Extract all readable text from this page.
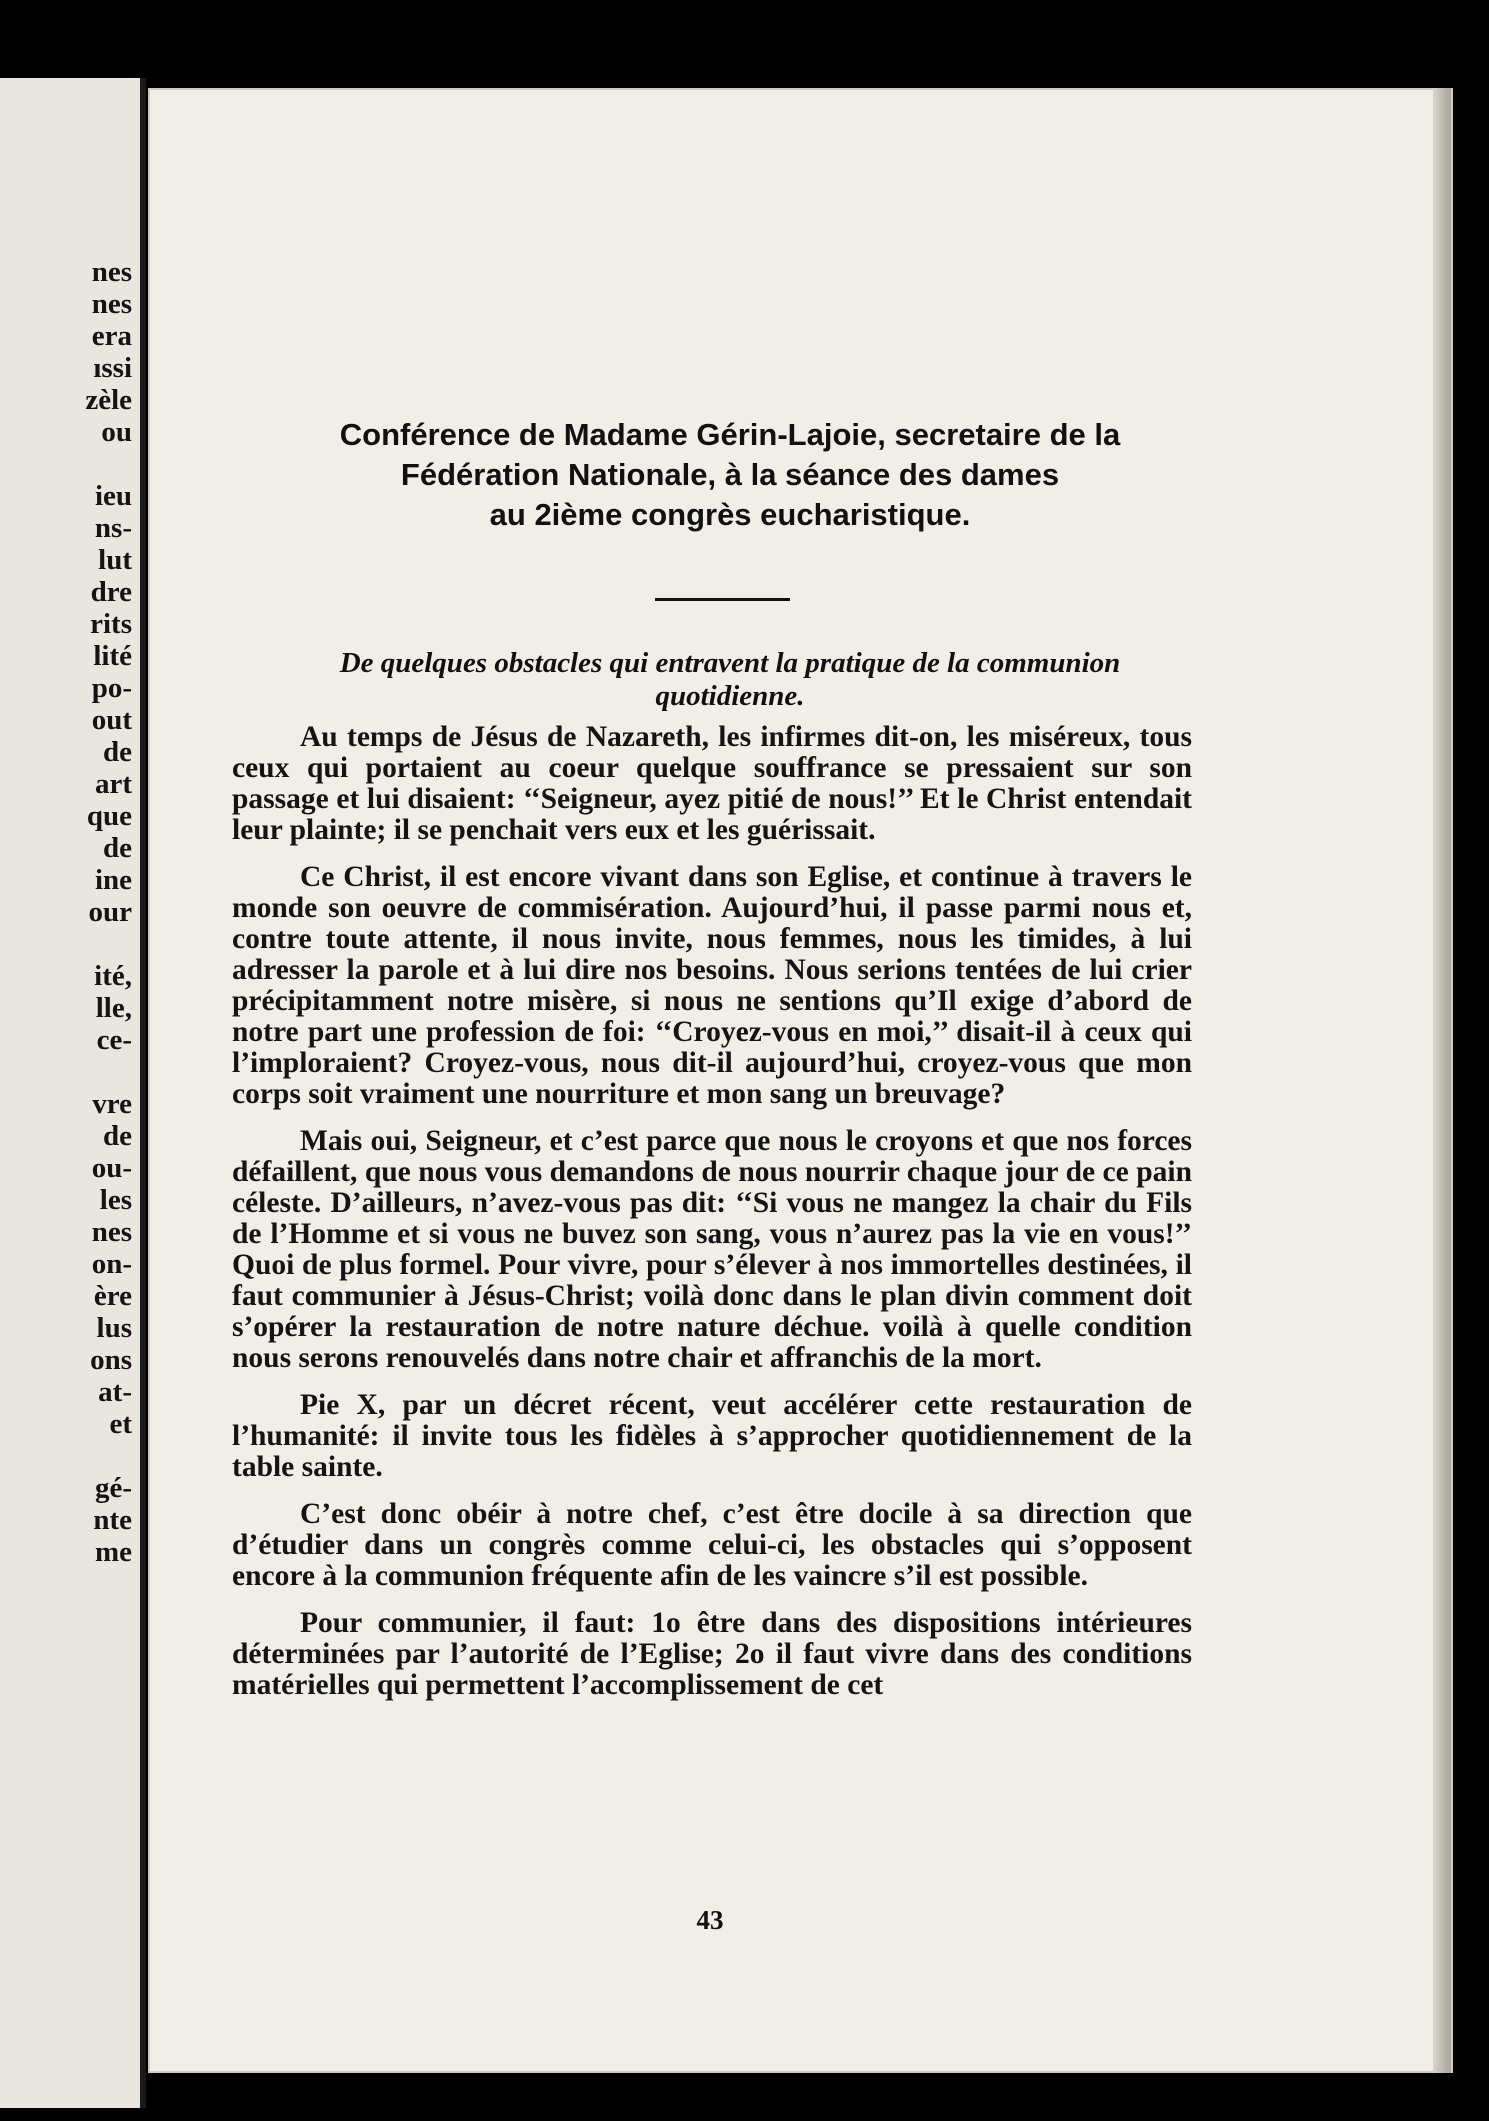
nes
nes
era
ıssi
zèle
ou
ieu
ns-
lut
dre
rits
lité
po-
out
de
art
que
de
ine
our
ité,
lle,
ce-
vre
de
ou-
les
nes
on-
ère
lus
ons
at-
et
gé-
nte
me
Conférence de Madame Gérin-Lajoie, secretaire de la
Fédération Nationale, à la séance des dames
au 2ième congrès eucharistique.
De quelques obstacles qui entravent la pratique de la communion
quotidienne.

Au temps de Jésus de Nazareth, les infirmes dit-on, les miséreux, tous ceux qui portaient au coeur quelque souffrance se pressaient sur son passage et lui disaient: ‘‘Seigneur, ayez pitié de nous!’’ Et le Christ entendait leur plainte; il se penchait vers eux et les guérissait.

Ce Christ, il est encore vivant dans son Eglise, et continue à travers le monde son oeuvre de commisération. Aujourd’hui, il passe parmi nous et, contre toute attente, il nous invite, nous femmes, nous les timides, à lui adresser la parole et à lui dire nos besoins. Nous serions tentées de lui crier précipitamment notre misère, si nous ne sentions qu’Il exige d’abord de notre part une profession de foi: ‘‘Croyez-vous en moi,’’ disait-il à ceux qui l’imploraient? Croyez-vous, nous dit-il aujourd’hui, croyez-vous que mon corps soit vraiment une nourriture et mon sang un breuvage?

Mais oui, Seigneur, et c’est parce que nous le croyons et que nos forces défaillent, que nous vous demandons de nous nourrir chaque jour de ce pain céleste. D’ailleurs, n’avez-vous pas dit: ‘‘Si vous ne mangez la chair du Fils de l’Homme et si vous ne buvez son sang, vous n’aurez pas la vie en vous!’’ Quoi de plus formel. Pour vivre, pour s’élever à nos immortelles destinées, il faut communier à Jésus-Christ; voilà donc dans le plan divin comment doit s’opérer la restauration de notre nature déchue. voilà à quelle condition nous serons renouvelés dans notre chair et affranchis de la mort.

Pie X, par un décret récent, veut accélérer cette restauration de l’humanité: il invite tous les fidèles à s’approcher quotidiennement de la table sainte.

C’est donc obéir à notre chef, c’est être docile à sa direction que d’étudier dans un congrès comme celui-ci, les obstacles qui s’opposent encore à la communion fréquente afin de les vaincre s’il est possible.

Pour communier, il faut: 1o être dans des dispositions intérieures déterminées par l’autorité de l’Eglise; 2o il faut vivre dans des conditions matérielles qui permettent l’accomplissement de cet

43
